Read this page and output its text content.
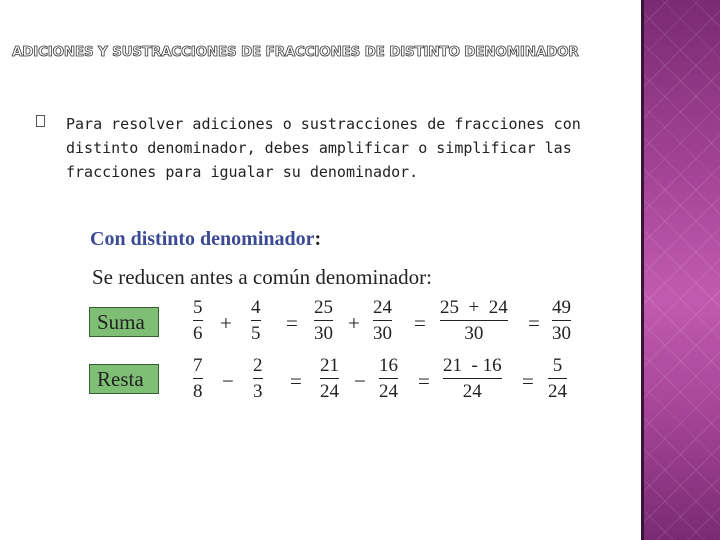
ADICIONES Y SUSTRACCIONES DE FRACCIONES DE DISTINTO DENOMINADOR
Para resolver adiciones o sustracciones de fracciones con distinto denominador, debes amplificar o simplificar las fracciones para igualar su denominador.
Con distinto denominador:
Se reducen antes a común denominador:
Suma
5
6 +
4
5 =
25
30 +
24
30 =
25  +  24
30 =
49
30
Resta
7
8 −
2
3 =
21
24 −
16
24 =
21  - 16
24 =
5
24
